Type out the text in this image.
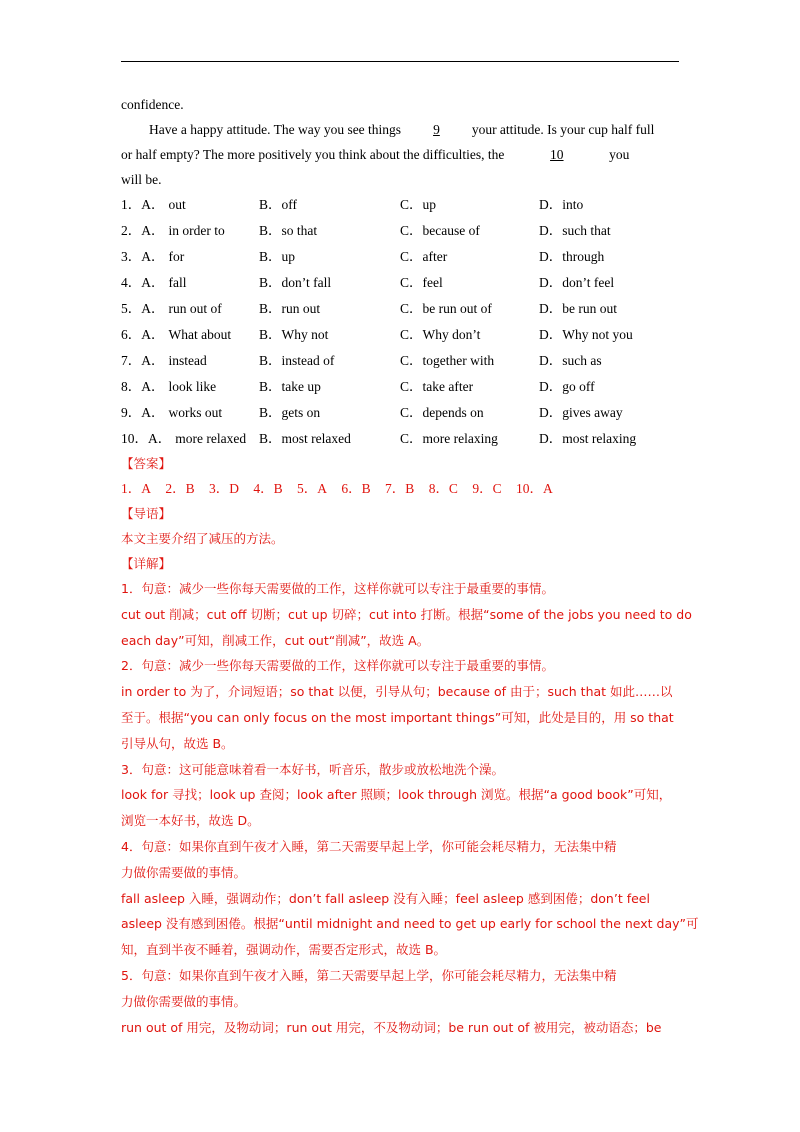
confidence.
Have a happy attitude. The way you see things 9 your attitude. Is your cup half full
or half empty? The more positively you think about the difficulties, the	10	you
will be.
1．A． out	B．off	C．up	D．into
2．A． in order to	B．so that	C．because of	D．such that
3．A． for	B．up	C．after	D．through
4．A． fall	B．don’t fall	C．feel	D．don’t feel
5．A． run out of	B．run out	C．be run out of	D．be run out
6．A． What about B．Why not	C．Why don’t	D．Why not you
7．A． instead	B．instead of	C．together with	D．such as
8．A． look like	B．take up	C．take after	D．go off
9．A． works out	B．gets on	C．depends on	D．gives away
10．A． more relaxed B．most relaxed	C．more relaxing	D．most relaxing
【答案】
1．A 2．B 3．D 4．B 5．A 6．B 7．B 8．C 9．C 10．A
【导语】
本文主要介绍了减压的方法。
【详解】
1．句意：减少一些你每天需要做的工作，这样你就可以专注于最重要的事情。
cut out 削减；cut off 切断；cut up 切碎；cut into 打断。根据“some of the jobs you need to do
each day”可知，削减工作，cut out“削减”，故选 A。
2．句意：减少一些你每天需要做的工作，这样你就可以专注于最重要的事情。
in order to 为了，介词短语；so that 以便，引导从句；because of 由于；such that 如此……以
至于。根据“you can only focus on the most important things”可知，此处是目的，用 so that
引导从句，故选 B。
3．句意：这可能意味着看一本好书，听音乐，散步或放松地洗个澡。
look for 寻找；look up 查阅；look after 照顾；look through 浏览。根据“a good book”可知，
浏览一本好书，故选 D。
4．句意：如果你直到午夜才入睡，第二天需要早起上学，你可能会耗尽精力，无法集中精
力做你需要做的事情。
fall asleep 入睡，强调动作；don’t fall asleep 没有入睡；feel asleep 感到困倦；don’t feel
asleep 没有感到困倦。根据“until midnight and need to get up early for school the next day”可
知，直到半夜不睡着，强调动作，需要否定形式，故选 B。
5．句意：如果你直到午夜才入睡，第二天需要早起上学，你可能会耗尽精力，无法集中精
力做你需要做的事情。
run out of 用完，及物动词；run out 用完，不及物动词；be run out of 被用完，被动语态；be
